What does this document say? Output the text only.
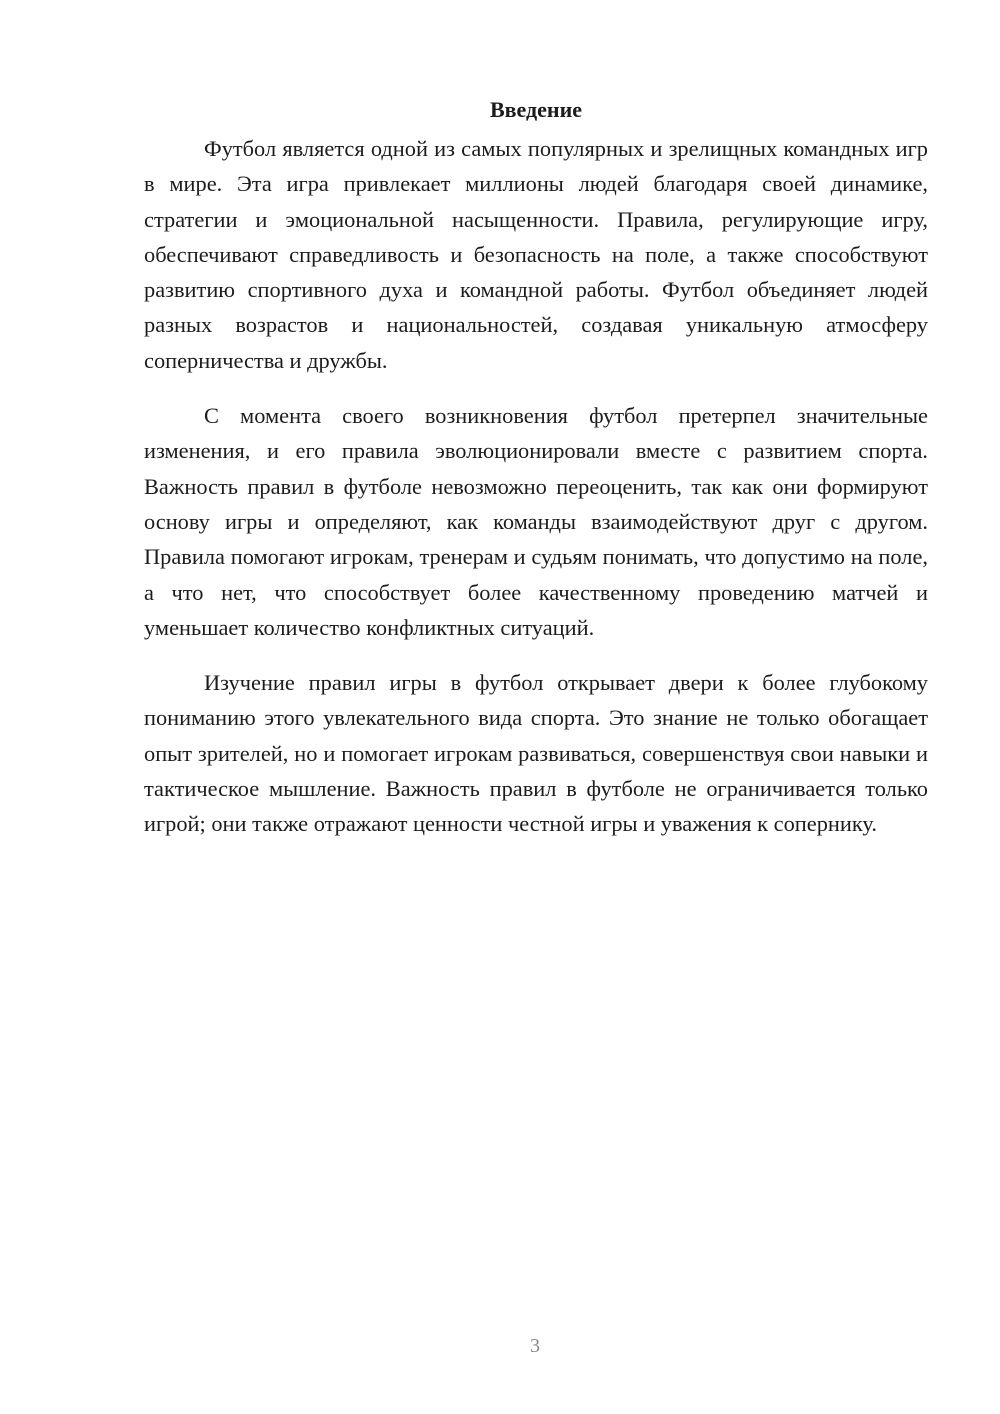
Введение

Футбол является одной из самых популярных и зрелищных командных игр в мире. Эта игра привлекает миллионы людей благодаря своей динамике, стратегии и эмоциональной насыщенности. Правила, регулирующие игру, обеспечивают справедливость и безопасность на поле, а также способствуют развитию спортивного духа и командной работы. Футбол объединяет людей разных возрастов и национальностей, создавая уникальную атмосферу соперничества и дружбы.

С момента своего возникновения футбол претерпел значительные изменения, и его правила эволюционировали вместе с развитием спорта. Важность правил в футболе невозможно переоценить, так как они формируют основу игры и определяют, как команды взаимодействуют друг с другом. Правила помогают игрокам, тренерам и судьям понимать, что допустимо на поле, а что нет, что способствует более качественному проведению матчей и уменьшает количество конфликтных ситуаций.

Изучение правил игры в футбол открывает двери к более глубокому пониманию этого увлекательного вида спорта. Это знание не только обогащает опыт зрителей, но и помогает игрокам развиваться, совершенствуя свои навыки и тактическое мышление. Важность правил в футболе не ограничивается только игрой; они также отражают ценности честной игры и уважения к сопернику.

3
